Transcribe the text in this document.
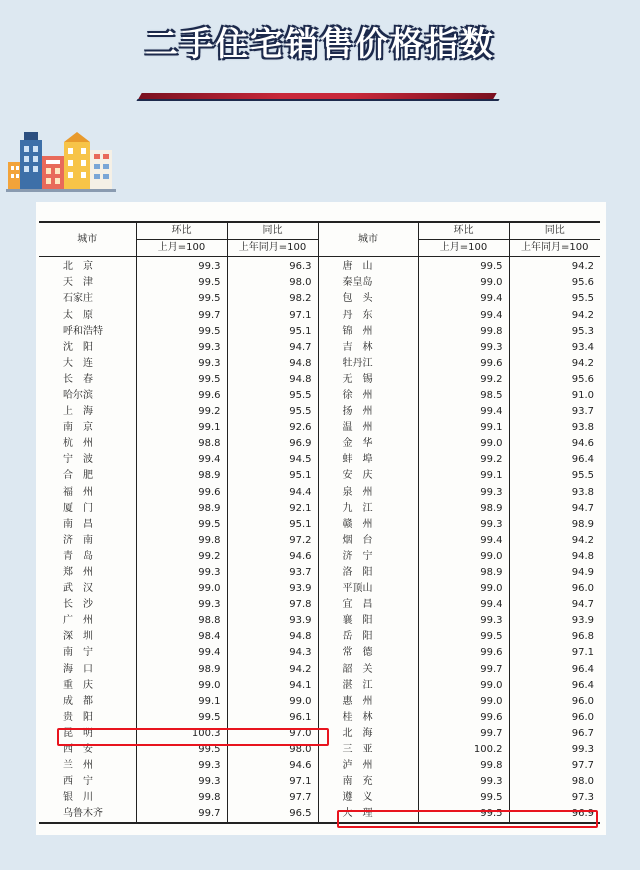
二手住宅销售价格指数
城市	环比	同比	城市	环比	同比
	上月=100	上年同月=100		上月=100	上年同月=100
北　京	99.3	96.3	唐　山	99.5	94.2
天　津	99.5	98.0	秦皇岛	99.0	95.6
石家庄	99.5	98.2	包　头	99.4	95.5
太　原	99.7	97.1	丹　东	99.4	94.2
呼和浩特	99.5	95.1	锦　州	99.8	95.3
沈　阳	99.3	94.7	吉　林	99.3	93.4
大　连	99.3	94.8	牡丹江	99.6	94.2
长　春	99.5	94.8	无　锡	99.2	95.6
哈尔滨	99.6	95.5	徐　州	98.5	91.0
上　海	99.2	95.5	扬　州	99.4	93.7
南　京	99.1	92.6	温　州	99.1	93.8
杭　州	98.8	96.9	金　华	99.0	94.6
宁　波	99.4	94.5	蚌　埠	99.2	96.4
合　肥	98.9	95.1	安　庆	99.1	95.5
福　州	99.6	94.4	泉　州	99.3	93.8
厦　门	98.9	92.1	九　江	98.9	94.7
南　昌	99.5	95.1	赣　州	99.3	98.9
济　南	99.8	97.2	烟　台	99.4	94.2
青　岛	99.2	94.6	济　宁	99.0	94.8
郑　州	99.3	93.7	洛　阳	98.9	94.9
武　汉	99.0	93.9	平顶山	99.0	96.0
长　沙	99.3	97.8	宜　昌	99.4	94.7
广　州	98.8	93.9	襄　阳	99.3	93.9
深　圳	98.4	94.8	岳　阳	99.5	96.8
南　宁	99.4	94.3	常　德	99.6	97.1
海　口	98.9	94.2	韶　关	99.7	96.4
重　庆	99.0	94.1	湛　江	99.0	96.4
成　都	99.1	99.0	惠　州	99.0	96.0
贵　阳	99.5	96.1	桂　林	99.6	96.0
昆　明	100.3	97.0	北　海	99.7	96.7
西　安	99.5	98.0	三　亚	100.2	99.3
兰　州	99.3	94.6	泸　州	99.8	97.7
西　宁	99.3	97.1	南　充	99.3	98.0
银　川	99.8	97.7	遵　义	99.5	97.3
乌鲁木齐	99.7	96.5	大　理	99.5	96.9
